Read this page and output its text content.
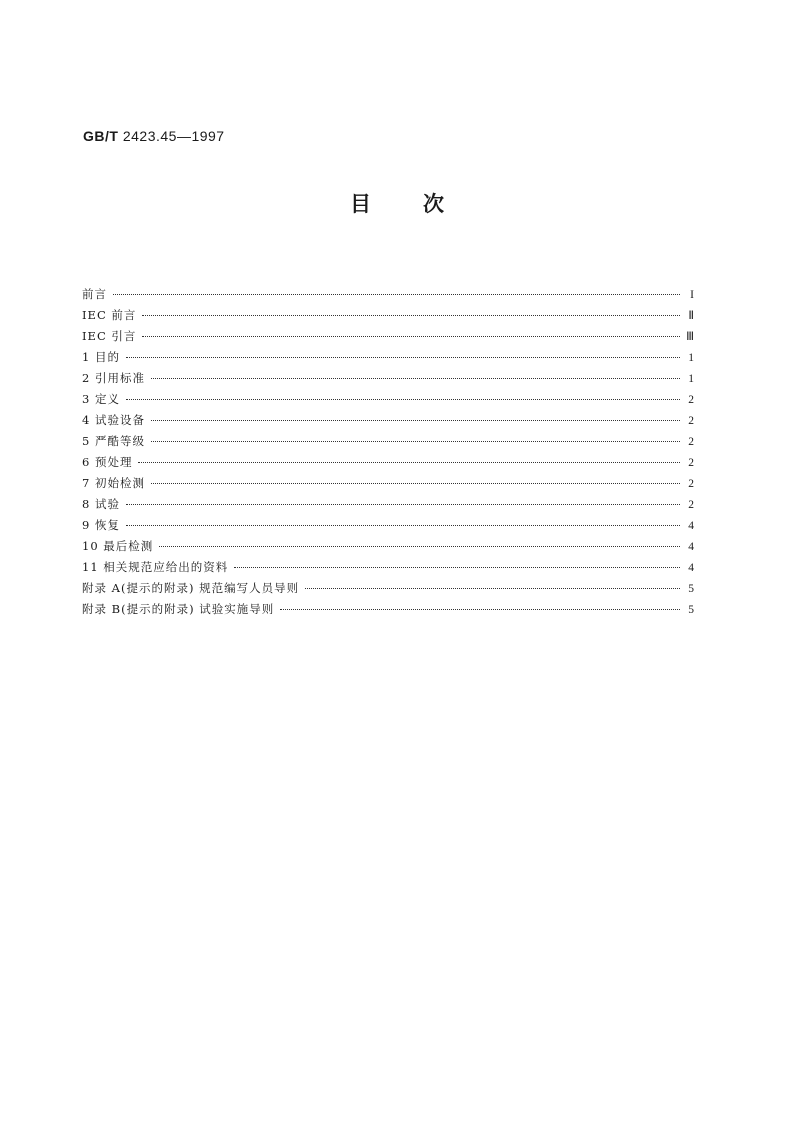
GB/T 2423.45—1997
目次
前言	I
IEC 前言	Ⅱ
IEC 引言	Ⅲ
1 目的	1
2 引用标准	1
3 定义	2
4 试验设备	2
5 严酷等级	2
6 预处理	2
7 初始检测	2
8 试验	2
9 恢复	4
10 最后检测	4
11 相关规范应给出的资料	4
附录 A(提示的附录) 规范编写人员导则	5
附录 B(提示的附录) 试验实施导则	5
